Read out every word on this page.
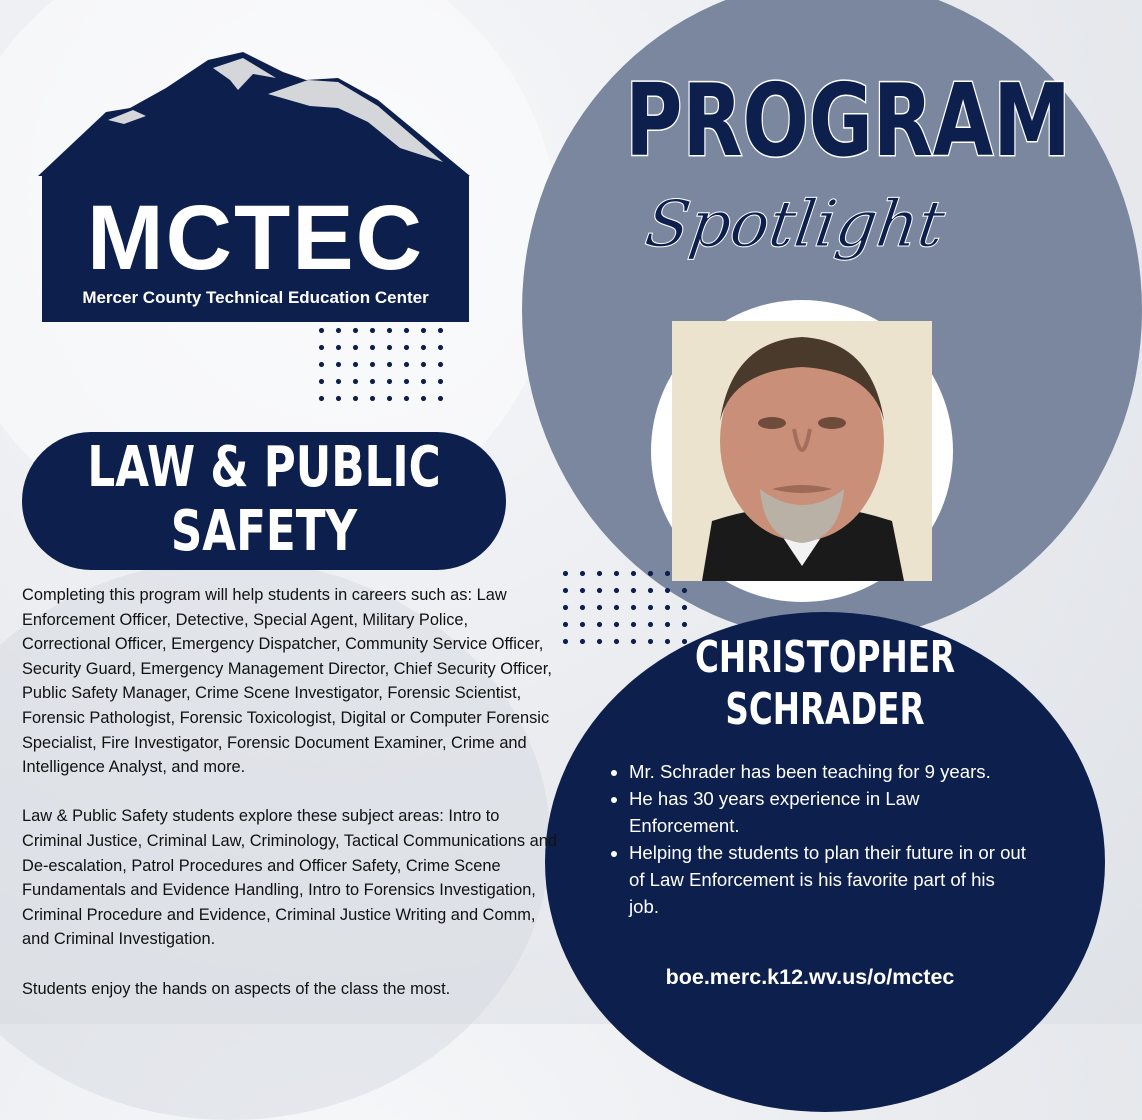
MCTEC
Mercer County Technical Education Center
PROGRAM
Spotlight
LAW & PUBLIC
SAFETY

Completing this program will help students in careers such as: Law Enforcement Officer, Detective, Special Agent, Military Police, Correctional Officer, Emergency Dispatcher, Community Service Officer, Security Guard, Emergency Management Director, Chief Security Officer, Public Safety Manager, Crime Scene Investigator, Forensic Scientist, Forensic Pathologist, Forensic Toxicologist, Digital or Computer Forensic Specialist, Fire Investigator, Forensic Document Examiner, Crime and Intelligence Analyst, and more.

Law & Public Safety students explore these subject areas: Intro to Criminal Justice, Criminal Law, Criminology, Tactical Communications and De-escalation, Patrol Procedures and Officer Safety, Crime Scene Fundamentals and Evidence Handling, Intro to Forensics Investigation, Criminal Procedure and Evidence, Criminal Justice Writing and Comm, and Criminal Investigation.

Students enjoy the hands on aspects of the class the most.

CHRISTOPHER
SCHRADER
• Mr. Schrader has been teaching for 9 years.
• He has 30 years experience in Law Enforcement.
• Helping the students to plan their future in or out of Law Enforcement is his favorite part of his job.
boe.merc.k12.wv.us/o/mctec
